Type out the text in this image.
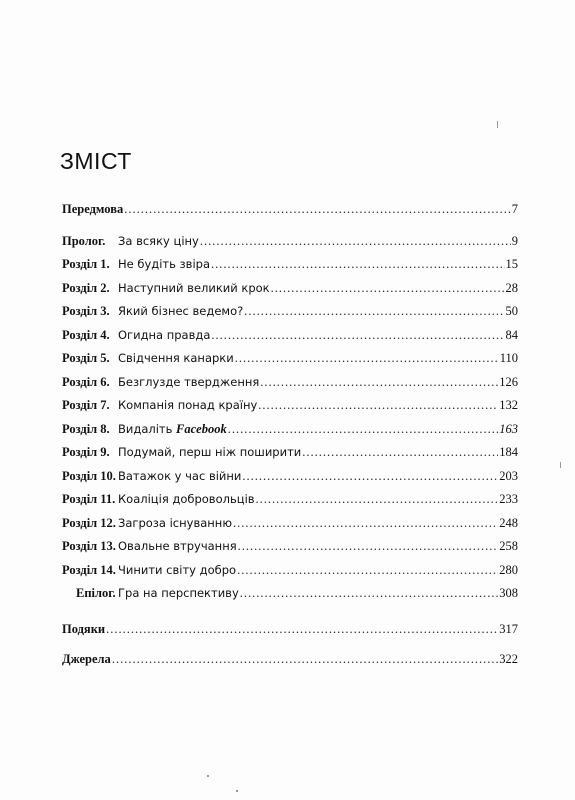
ЗМІСТ
Передмова .....	7
Пролог.	За всяку ціну .....	9
Розділ 1. Не будіть звіра .....	15
Розділ 2. Наступний великий крок .....	28
Розділ 3. Який бізнес ведемо? .....	50
Розділ 4. Огидна правда .....	84
Розділ 5. Свідчення канарки .....	110
Розділ 6. Безглузде твердження .....	126
Розділ 7. Компанія понад країну .....	132
Розділ 8. Видаліть Facebook .....	163
Розділ 9. Подумай, перш ніж поширити .....	184
Розділ 10. Ватажок у час війни .....	203
Розділ 11. Коаліція добровольців .....	233
Розділ 12. Загроза існуванню .....	248
Розділ 13. Овальне втручання .....	258
Розділ 14. Чинити світу добро .....	280
Епілог. Гра на перспективу .....	308
Подяки .....	317
Джерела .....	322
